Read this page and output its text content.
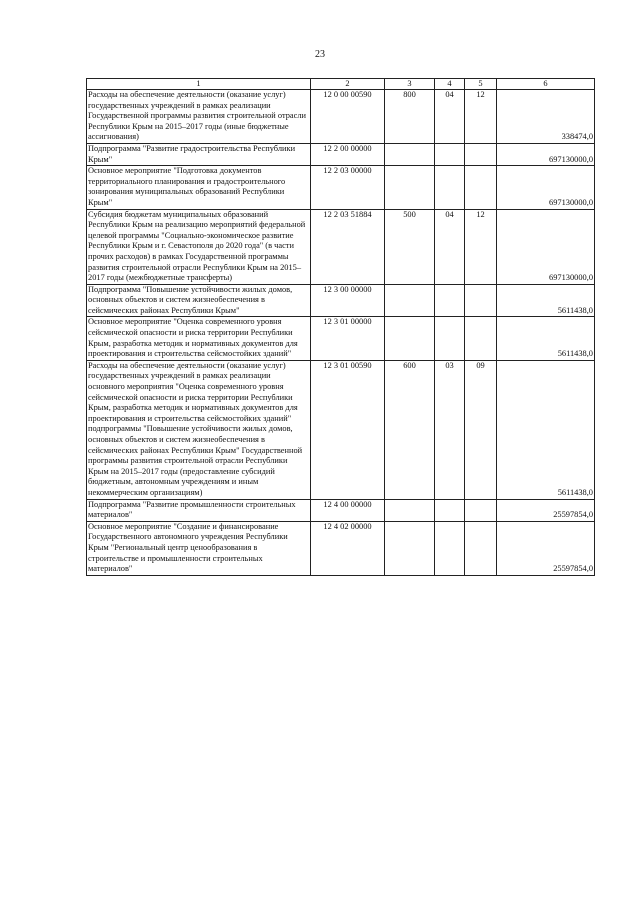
23
1	2	3	4	5	6
Расходы на обеспечение деятельности (оказание услуг) государственных учреждений в рамках реализации Государственной программы развития строительной отрасли Республики Крым на 2015–2017 годы (иные бюджетные ассигнования)	12 0 00 00590	800	04	12	338474,0
Подпрограмма "Развитие градостроительства Республики Крым"	12 2 00 00000				697130000,0
Основное мероприятие "Подготовка документов территориального планирования и градостроительного зонирования муниципальных образований Республики Крым"	12 2 03 00000				697130000,0
Субсидия бюджетам муниципальных образований Республики Крым на реализацию мероприятий федеральной целевой программы "Социально-экономическое развитие Республики Крым и г. Севастополя до 2020 года" (в части прочих расходов) в рамках Государственной программы развития строительной отрасли Республики Крым на 2015–2017 годы (межбюджетные трансферты)	12 2 03 51884	500	04	12	697130000,0
Подпрограмма "Повышение устойчивости жилых домов, основных объектов и систем жизнеобеспечения в сейсмических районах Республики Крым"	12 3 00 00000				5611438,0
Основное мероприятие "Оценка современного уровня сейсмической опасности и риска территории Республики Крым, разработка методик и нормативных документов для проектирования и строительства сейсмостойких зданий"	12 3 01 00000				5611438,0
Расходы на обеспечение деятельности (оказание услуг) государственных учреждений в рамках реализации основного мероприятия "Оценка современного уровня сейсмической опасности и риска территории Республики Крым, разработка методик и нормативных документов для проектирования и строительства сейсмостойких зданий" подпрограммы "Повышение устойчивости жилых домов, основных объектов и систем жизнеобеспечения в сейсмических районах Республики Крым" Государственной программы развития строительной отрасли Республики Крым на 2015–2017 годы (предоставление субсидий бюджетным, автономным учреждениям и иным некоммерческим организациям)	12 3 01 00590	600	03	09	5611438,0
Подпрограмма "Развитие промышленности строительных материалов"	12 4 00 00000				25597854,0
Основное мероприятие "Создание и финансирование Государственного автономного учреждения Республики Крым "Региональный центр ценообразования в строительстве и промышленности строительных материалов"	12 4 02 00000				25597854,0
